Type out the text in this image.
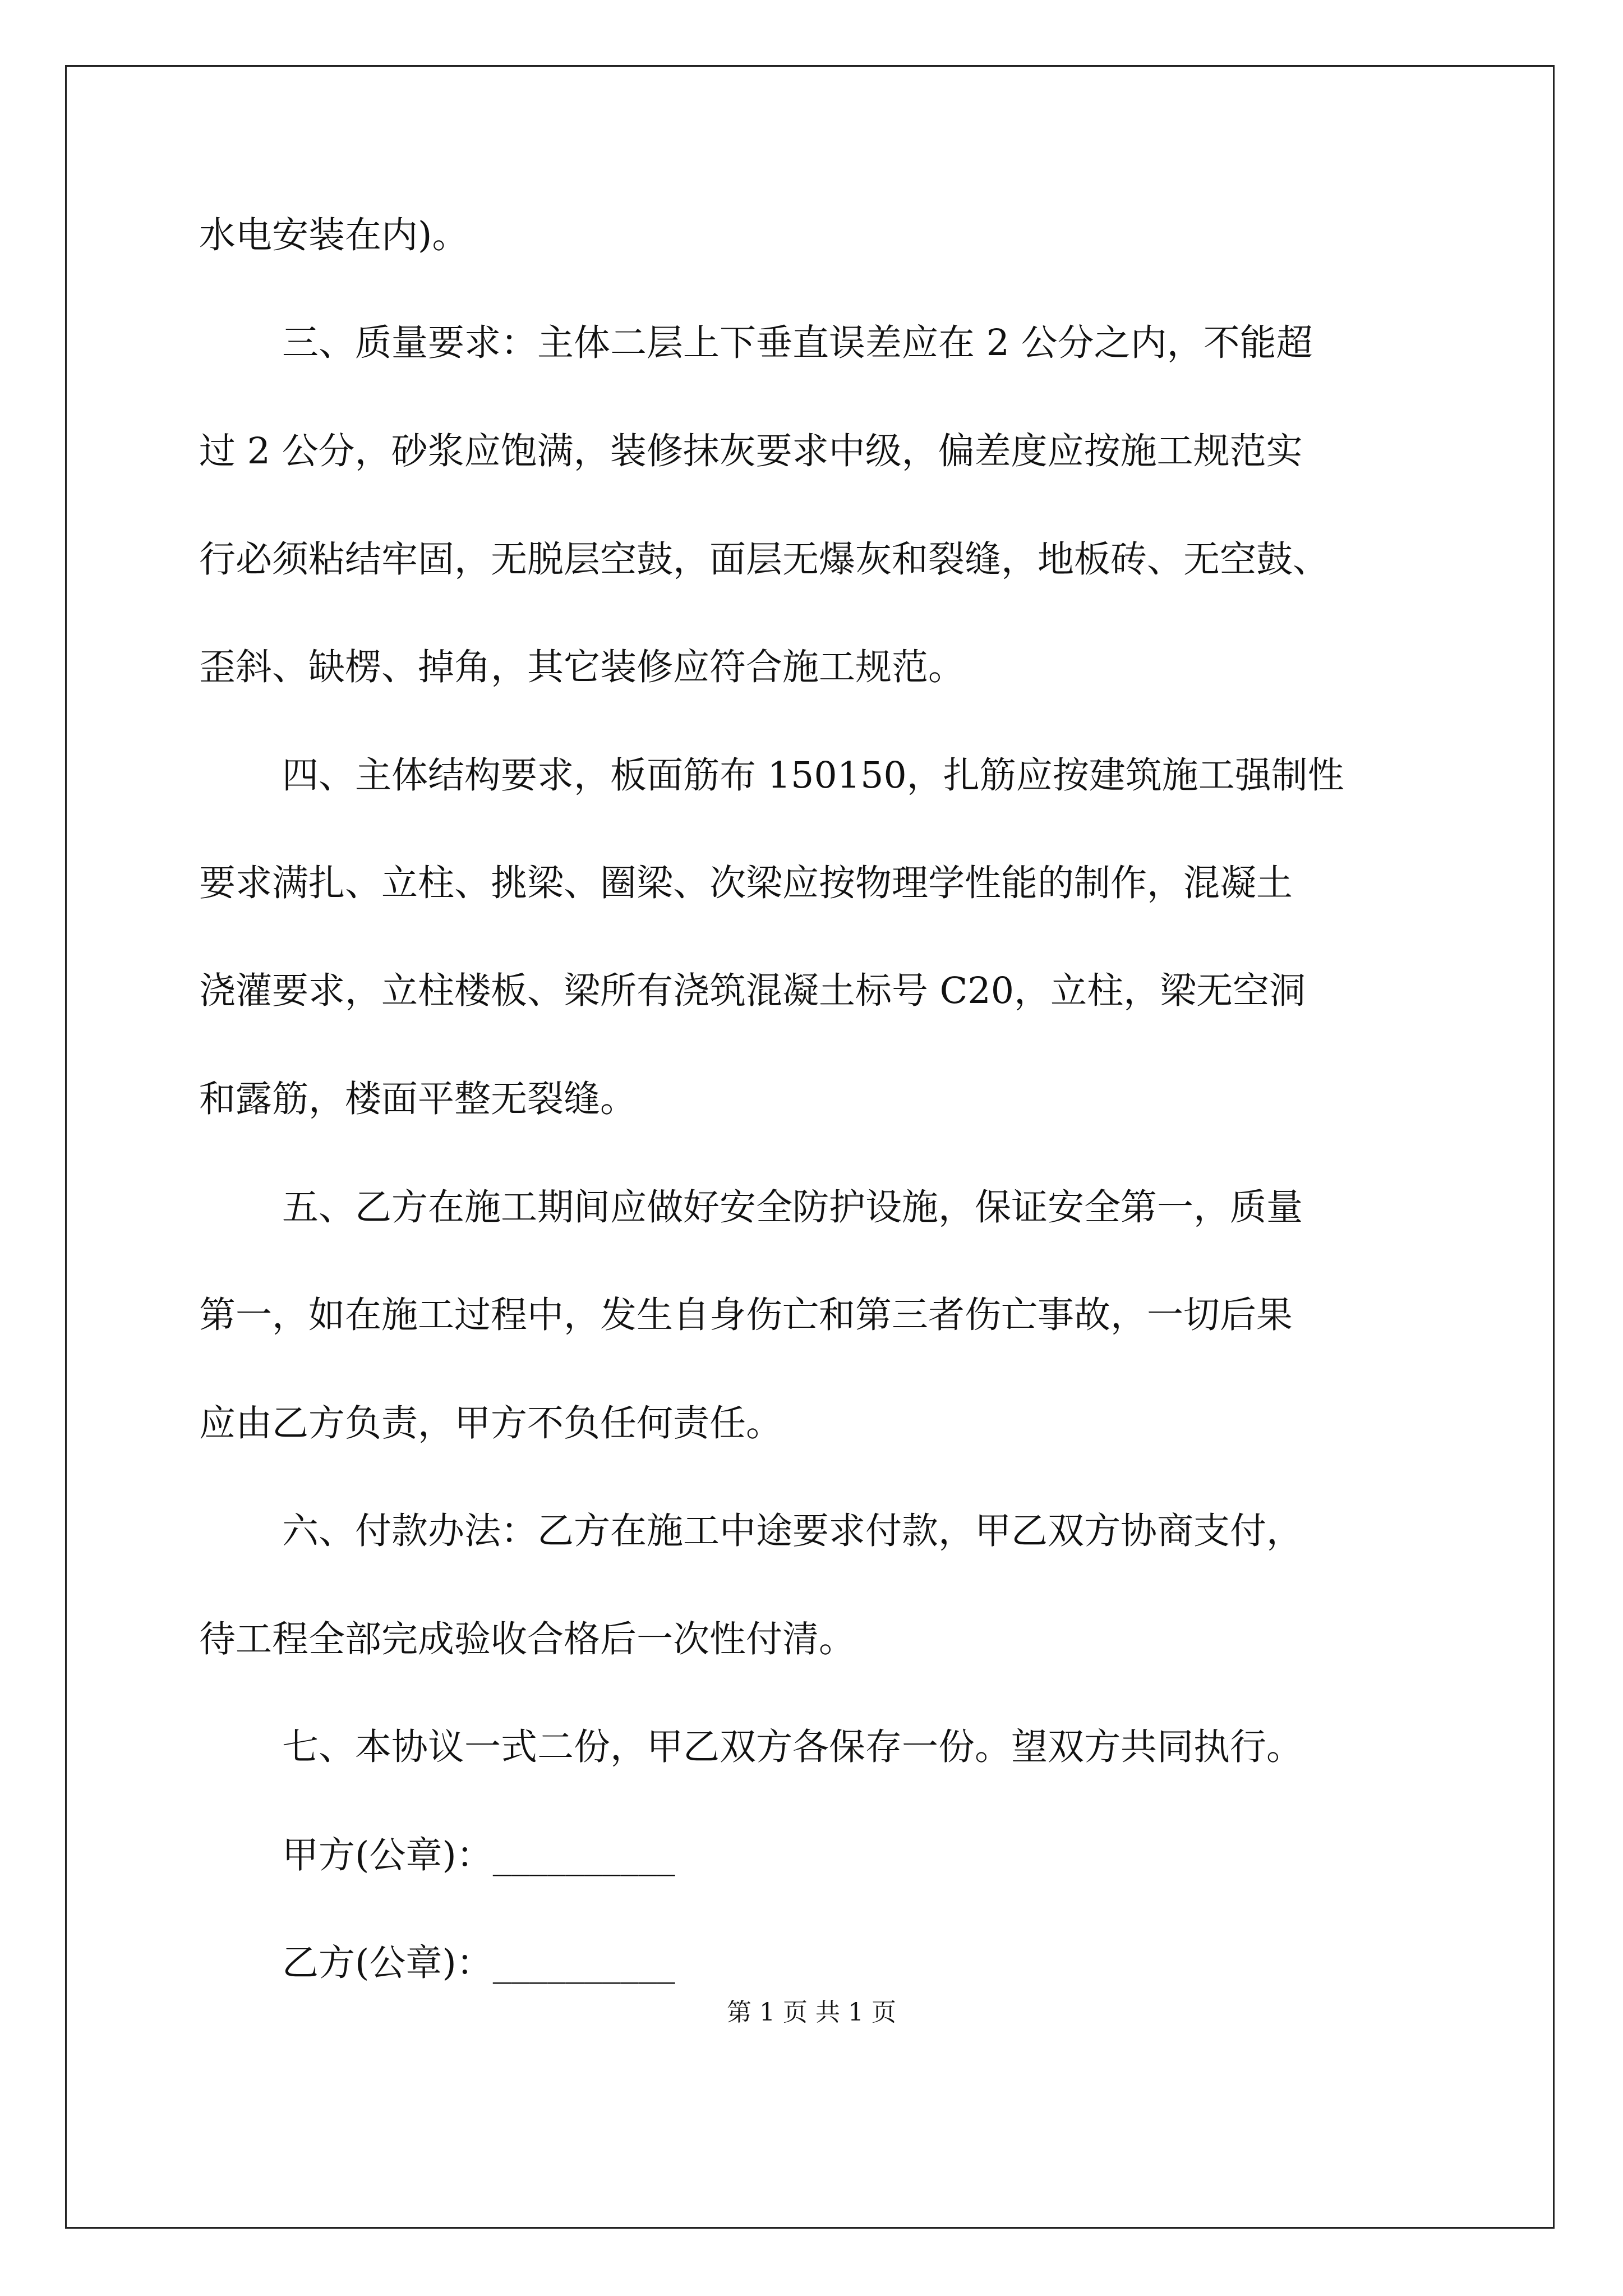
水电安装在内)。
三、质量要求：主体二层上下垂直误差应在 2 公分之内，不能超
过 2 公分，砂浆应饱满，装修抹灰要求中级，偏差度应按施工规范实
行必须粘结牢固，无脱层空鼓，面层无爆灰和裂缝，地板砖、无空鼓、
歪斜、缺楞、掉角，其它装修应符合施工规范。
四、主体结构要求，板面筋布 150150，扎筋应按建筑施工强制性
要求满扎、立柱、挑梁、圈梁、次梁应按物理学性能的制作，混凝土
浇灌要求，立柱楼板、梁所有浇筑混凝土标号 C20，立柱，梁无空洞
和露筋，楼面平整无裂缝。
五、乙方在施工期间应做好安全防护设施，保证安全第一，质量
第一，如在施工过程中，发生自身伤亡和第三者伤亡事故，一切后果
应由乙方负责，甲方不负任何责任。
六、付款办法：乙方在施工中途要求付款，甲乙双方协商支付，
待工程全部完成验收合格后一次性付清。
七、本协议一式二份，甲乙双方各保存一份。望双方共同执行。
甲方(公章)：__________
乙方(公章)：__________
第 1 页 共 1 页
